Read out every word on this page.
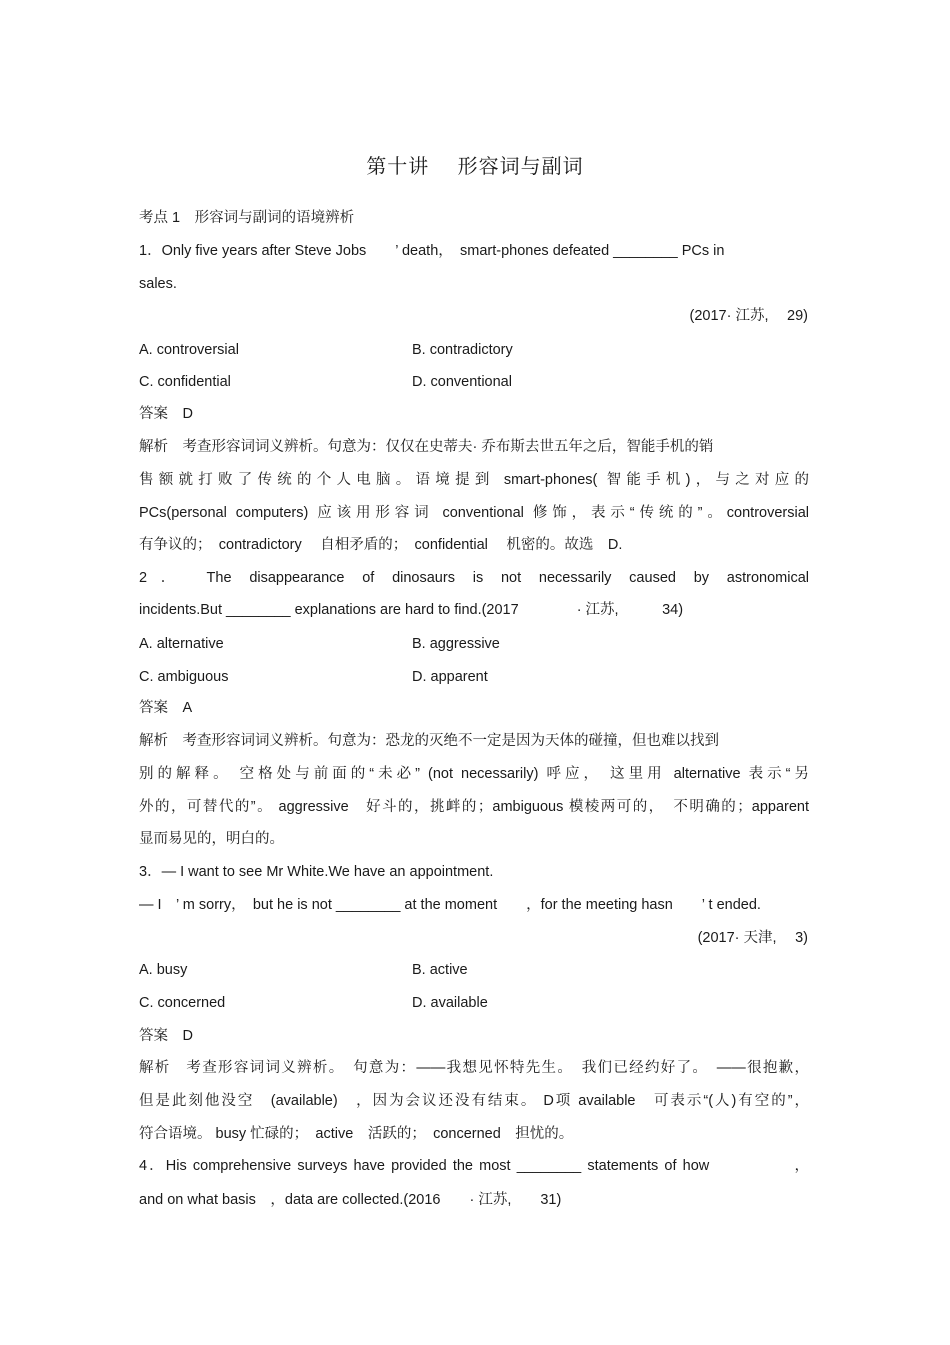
第十讲　 形容词与副词
考点 1　形容词与副词的语境辨析
1．Only five years after Steve Jobs　　’ death，　smart-phones defeated ________ PCs in
sales.
(2017· 江苏,　 29)
A. controversial	B. contradictory
C. confidential	D. conventional
答案　D
解析　考查形容词词义辨析。句意为：仅仅在史蒂夫· 乔布斯去世五年之后，智能手机的销
售额就打败了传统的个人电脑。语境提到 smart-phones( 智能手机)，与之对应的
PCs(personal computers) 应该用形容词 conventional 修饰，表示“传统的”。controversial
有争议的；　contradictory　 自相矛盾的；　confidential　 机密的。故选　D.
2． The disappearance of dinosaurs is not necessarily caused by astronomical
incidents.But ________ explanations are hard to find.(2017　　　　· 江苏,　　　34)
A. alternative	B. aggressive
C. ambiguous	D. apparent
答案　A
解析　考查形容词词义辨析。句意为：恐龙的灭绝不一定是因为天体的碰撞，但也难以找到
别的解释。 空格处与前面的“未必” (not necessarily) 呼应， 这里用 alternative 表示“另
外的，可替代的”。 aggressive　好斗的，挑衅的；ambiguous 模棱两可的，　不明确的；apparent
显而易见的，明白的。
3．— I want to see Mr White.We have an appointment.
— I　’ m sorry，　but he is not ________ at the moment　　，for the meeting hasn　　’ t ended.
(2017· 天津,　 3)
A. busy	B. active
C. concerned	D. available
答案　D
解析　考查形容词词义辨析。　句意为：——我想见怀特先生。　我们已经约好了。　——很抱歉，
但是此刻他没空　(available)　，因为会议还没有结束。 D项 available　可表示“(人)有空的”，
符合语境。 busy 忙碌的；　active　活跃的；　concerned　担忧的。
4．His comprehensive surveys have provided the most ________ statements of how　　　　　，
and on what basis　，data are collected.(2016　　· 江苏,　　31)
